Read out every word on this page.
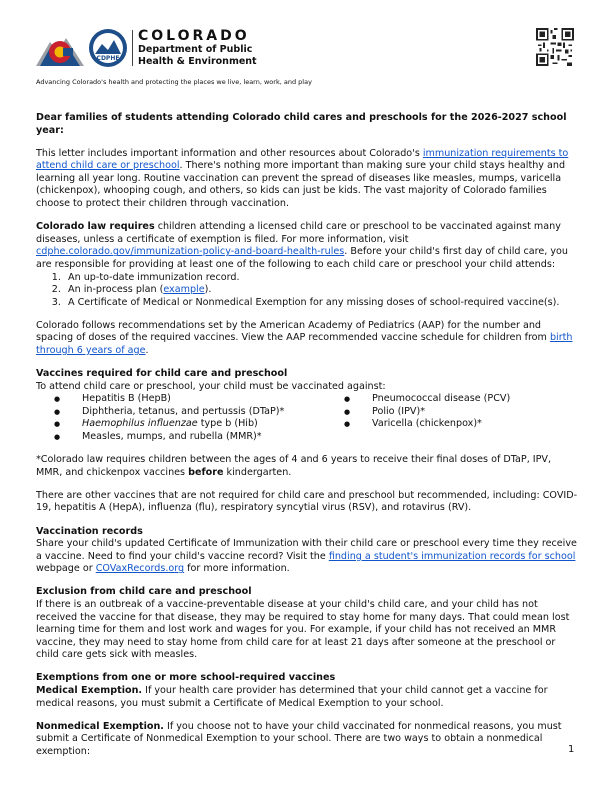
CDPHE
COLORADO
Department of Public
Health & Environment
Advancing Colorado's health and protecting the places we live, learn, work, and play

Dear families of students attending Colorado child cares and preschools for the 2026-2027 school year:

This letter includes important information and other resources about Colorado's immunization requirements to attend child care or preschool. There's nothing more important than making sure your child stays healthy and learning all year long. Routine vaccination can prevent the spread of diseases like measles, mumps, varicella (chickenpox), whooping cough, and others, so kids can just be kids. The vast majority of Colorado families choose to protect their children through vaccination.

Colorado law requires children attending a licensed child care or preschool to be vaccinated against many diseases, unless a certificate of exemption is filed. For more information, visit cdphe.colorado.gov/immunization-policy-and-board-health-rules. Before your child's first day of child care, you are responsible for providing at least one of the following to each child care or preschool your child attends:

1. An up-to-date immunization record.
2. An in-process plan (example).
3. A Certificate of Medical or Nonmedical Exemption for any missing doses of school-required vaccine(s).

Colorado follows recommendations set by the American Academy of Pediatrics (AAP) for the number and spacing of doses of the required vaccines. View the AAP recommended vaccine schedule for children from birth through 6 years of age.

Vaccines required for child care and preschool
To attend child care or preschool, your child must be vaccinated against:
● Hepatitis B (HepB)
● Diphtheria, tetanus, and pertussis (DTaP)*
● Haemophilus influenzae type b (Hib)
● Measles, mumps, and rubella (MMR)*
● Pneumococcal disease (PCV)
● Polio (IPV)*
● Varicella (chickenpox)*

*Colorado law requires children between the ages of 4 and 6 years to receive their final doses of DTaP, IPV, MMR, and chickenpox vaccines before kindergarten.

There are other vaccines that are not required for child care and preschool but recommended, including: COVID-19, hepatitis A (HepA), influenza (flu), respiratory syncytial virus (RSV), and rotavirus (RV).

Vaccination records

Share your child's updated Certificate of Immunization with their child care or preschool every time they receive a vaccine. Need to find your child's vaccine record? Visit the finding a student's immunization records for school webpage or COVaxRecords.org for more information.

Exclusion from child care and preschool

If there is an outbreak of a vaccine-preventable disease at your child's child care, and your child has not received the vaccine for that disease, they may be required to stay home for many days. That could mean lost learning time for them and lost work and wages for you. For example, if your child has not received an MMR vaccine, they may need to stay home from child care for at least 21 days after someone at the preschool or child care gets sick with measles.

Exemptions from one or more school-required vaccines

Medical Exemption. If your health care provider has determined that your child cannot get a vaccine for medical reasons, you must submit a Certificate of Medical Exemption to your school.

Nonmedical Exemption. If you choose not to have your child vaccinated for nonmedical reasons, you must submit a Certificate of Nonmedical Exemption to your school. There are two ways to obtain a nonmedical exemption:	1
